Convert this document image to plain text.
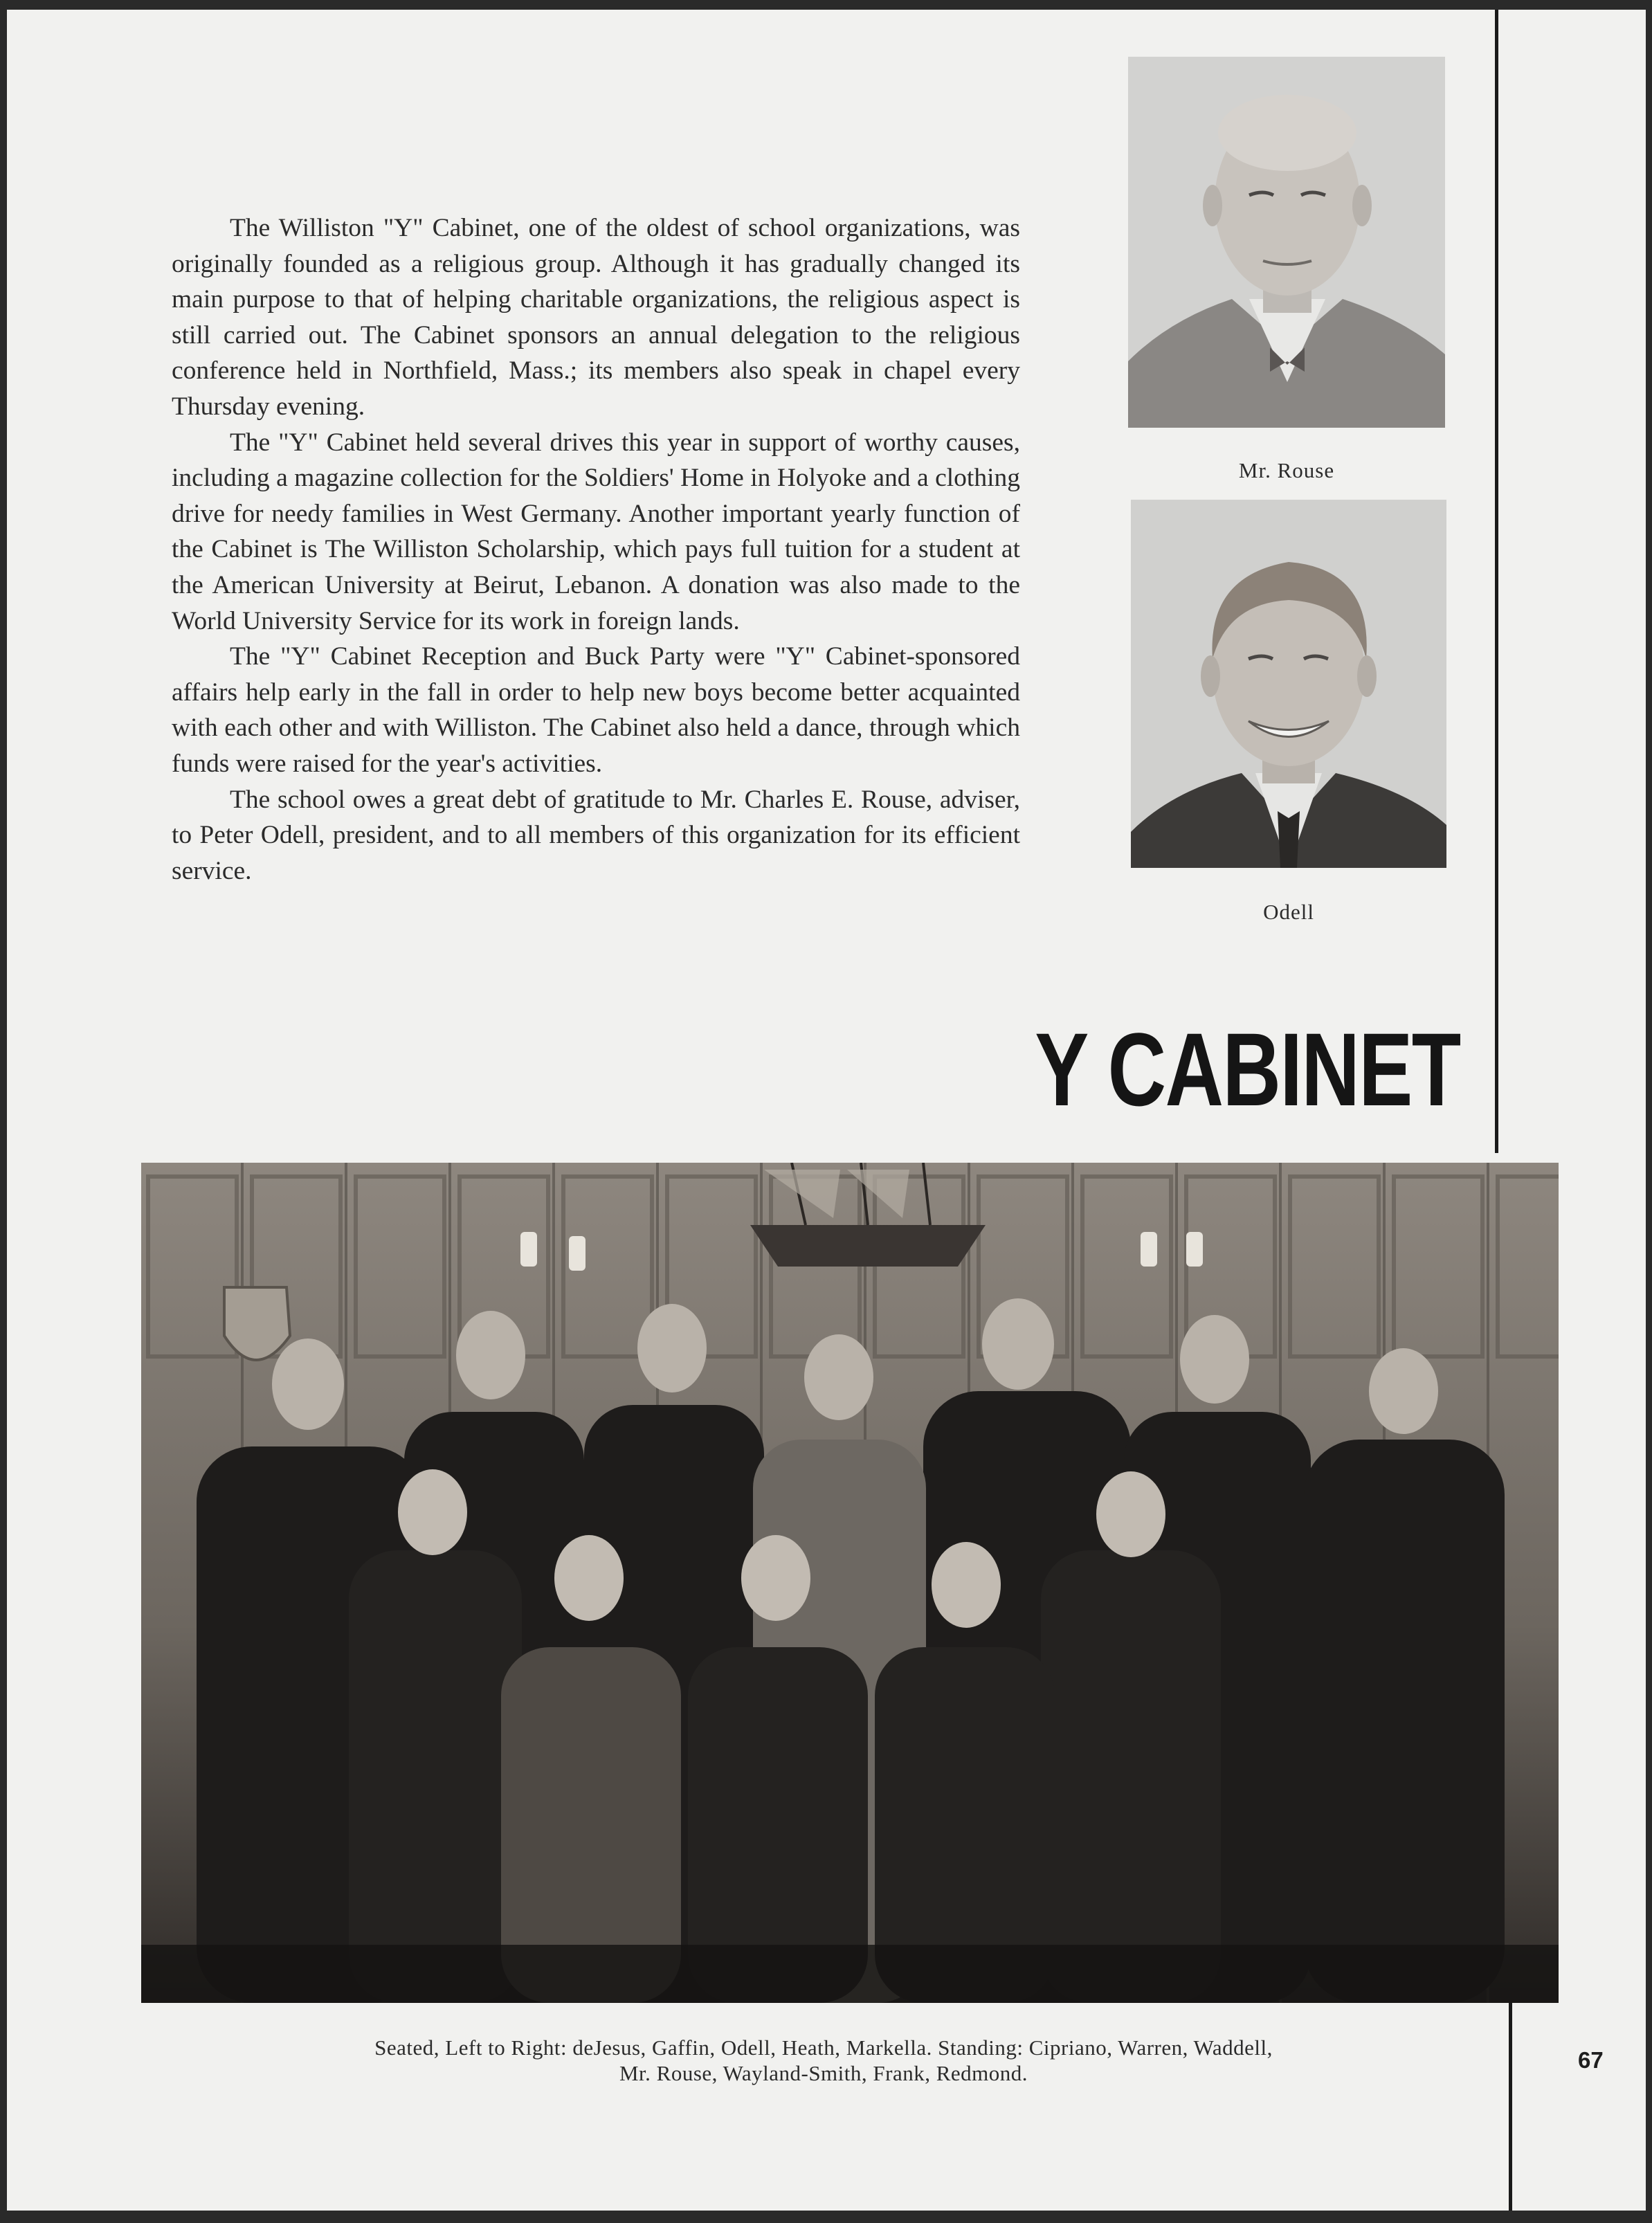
The Williston "Y" Cabinet, one of the oldest of school organizations, was originally founded as a religious group. Although it has gradually changed its main purpose to that of helping charitable organizations, the religious aspect is still carried out. The Cabinet sponsors an annual delegation to the religious conference held in Northfield, Mass.; its members also speak in chapel every Thursday evening.

The "Y" Cabinet held several drives this year in support of worthy causes, including a magazine collection for the Soldiers' Home in Holyoke and a clothing drive for needy families in West Germany. Another important yearly function of the Cabinet is The Williston Scholarship, which pays full tuition for a student at the American University at Beirut, Lebanon. A donation was also made to the World University Service for its work in foreign lands.

The "Y" Cabinet Reception and Buck Party were "Y" Cabinet-sponsored affairs help early in the fall in order to help new boys become better acquainted with each other and with Williston. The Cabinet also held a dance, through which funds were raised for the year's activities.

The school owes a great debt of gratitude to Mr. Charles E. Rouse, adviser, to Peter Odell, president, and to all members of this organization for its efficient service.

Mr. Rouse
Odell
Y CABINET
Seated, Left to Right: deJesus, Gaffin, Odell, Heath, Markella. Standing: Cipriano, Warren, Waddell,
Mr. Rouse, Wayland-Smith, Frank, Redmond.
67
